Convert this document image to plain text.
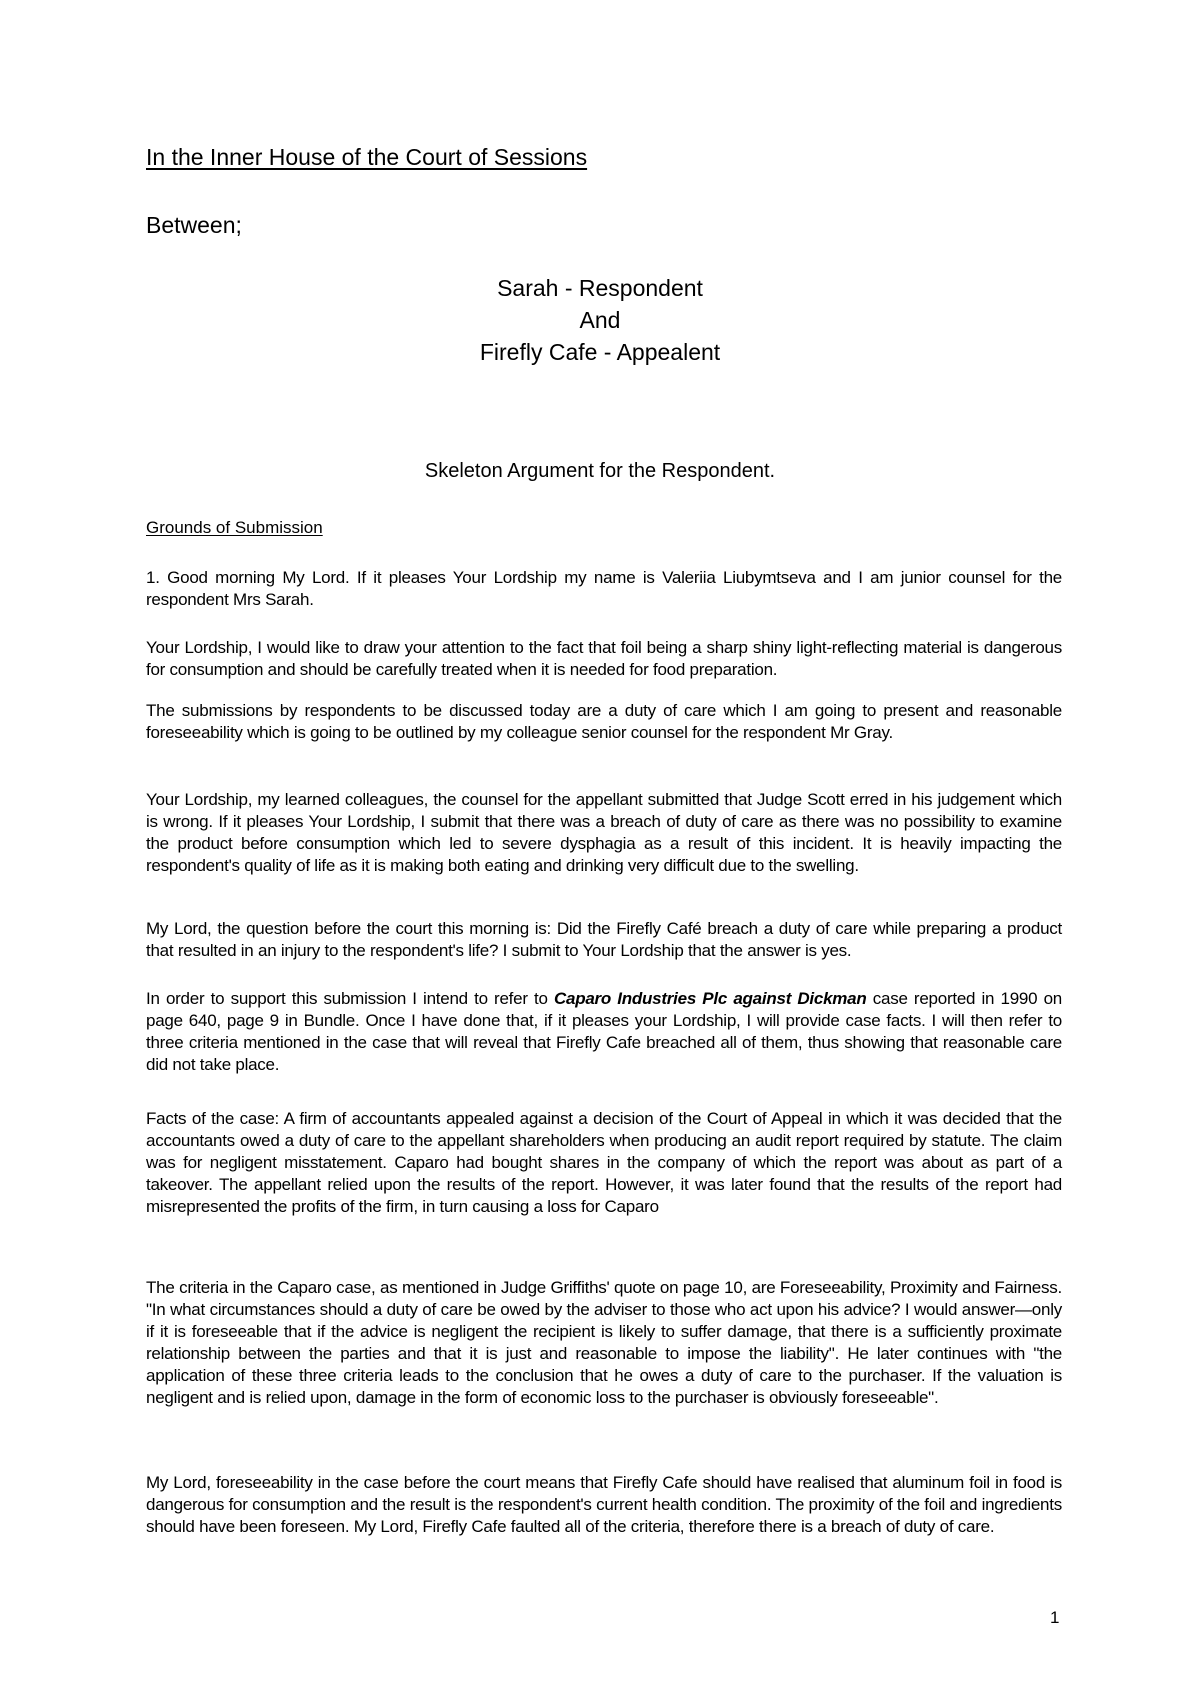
In the Inner House of the Court of Sessions
Between;
Sarah - Respondent
And
Firefly Cafe - Appealent
Skeleton Argument for the Respondent.
Grounds of Submission

1. Good morning My Lord. If it pleases Your Lordship my name is Valeriia Liubymtseva and I am junior counsel for the respondent Mrs Sarah.

Your Lordship, I would like to draw your attention to the fact that foil being a sharp shiny light-reflecting material is dangerous for consumption and should be carefully treated when it is needed for food preparation.

The submissions by respondents to be discussed today are a duty of care which I am going to present and reasonable foreseeability which is going to be outlined by my colleague senior counsel for the respondent Mr Gray.

Your Lordship, my learned colleagues, the counsel for the appellant submitted that Judge Scott erred in his judgement which is wrong. If it pleases Your Lordship, I submit that there was a breach of duty of care as there was no possibility to examine the product before consumption which led to severe dysphagia as a result of this incident. It is heavily impacting the respondent's quality of life as it is making both eating and drinking very difficult due to the swelling.

My Lord, the question before the court this morning is: Did the Firefly Café breach a duty of care while preparing a product that resulted in an injury to the respondent's life? I submit to Your Lordship that the answer is yes.

In order to support this submission I intend to refer to Caparo Industries Plc against Dickman case reported in 1990 on page 640, page 9 in Bundle. Once I have done that, if it pleases your Lordship, I will provide case facts. I will then refer to three criteria mentioned in the case that will reveal that Firefly Cafe breached all of them, thus showing that reasonable care did not take place.

Facts of the case: A firm of accountants appealed against a decision of the Court of Appeal in which it was decided that the accountants owed a duty of care to the appellant shareholders when producing an audit report required by statute. The claim was for negligent misstatement. Caparo had bought shares in the company of which the report was about as part of a takeover. The appellant relied upon the results of the report. However, it was later found that the results of the report had misrepresented the profits of the firm, in turn causing a loss for Caparo

The criteria in the Caparo case, as mentioned in Judge Griffiths' quote on page 10, are Foreseeability, Proximity and Fairness. "In what circumstances should a duty of care be owed by the adviser to those who act upon his advice? I would answer—only if it is foreseeable that if the advice is negligent the recipient is likely to suffer damage, that there is a sufficiently proximate relationship between the parties and that it is just and reasonable to impose the liability". He later continues with "the application of these three criteria leads to the conclusion that he owes a duty of care to the purchaser. If the valuation is negligent and is relied upon, damage in the form of economic loss to the purchaser is obviously foreseeable".

My Lord, foreseeability in the case before the court means that Firefly Cafe should have realised that aluminum foil in food is dangerous for consumption and the result is the respondent's current health condition. The proximity of the foil and ingredients should have been foreseen. My Lord, Firefly Cafe faulted all of the criteria, therefore there is a breach of duty of care.

1
